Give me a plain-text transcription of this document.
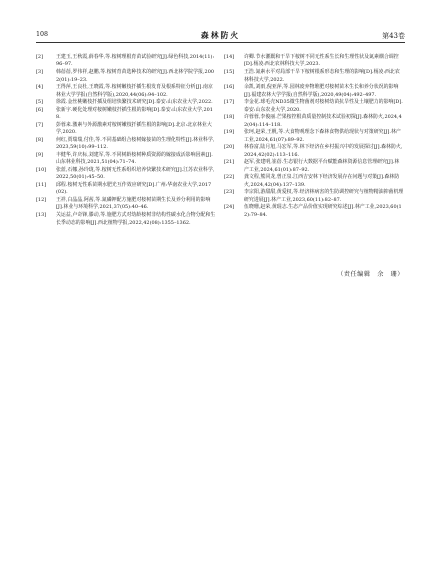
108	森林防火	第43卷
[2]	王建玉,王秋霞,薛春华,等.桉树理根育苗试验研究[J].绿色科技,2014(11):96–97.
[3]	韩蓓蓓,罗伟祥,赵鹏,等.桉树育苗选种技术的研究[J].西北林学院学报,2002(01):19–23.
[4]	王得萍,王良杜,王晓霞,等.桉树嫩枝扦插生根发育及根系特征分析[J].南京林业大学学报(自然科学版),2020,44(06):94–102.
[5]	徐霞.金丝桃嫩枝扦插及组培快繁技术研究[D].泰安:山东农业大学,2022.
[6]	张新宇.硬化处理对桉树嫩枝扦插生根的影响[D].泰安:山东农业大学,2018.
[7]	彭蓉来.激素与外源激素对桉树嫩枝扦插生根的影响[D].北京:北京林业大学,2020.
[8]	何红,贾瑞瑞,付佳,等.不同基础组合桉树嫁接苗的生理化特性[J].林业科学,2023,59(10):99–112.
[9]	丰健华,许庆标,刘建军,等.不同树龄桉树种质资源的嫁接成活影响因素[J].山东林业科技,2021,51(04):71–74.
[10]	张蓝,石娜,孙玲珑,等.桉树无性系组织培养快繁技术研究[J].江苏农业科学,2022,50(01):45–50.
[11]	邱程.桉树无性系苗期水肥光互作效应研究[D].广州:华南农业大学,2017(02).
[12]	王祥,白晶晶,阿茜,等.氮磷钾配方施肥对桉树苗期生长及养分利用的影响[J].林业与环境科学,2021,37(05):40–46.
[13]	关运益,卢奇锋,滕动,等.施肥方式对幼龄桉树非结构性碳水化合物分配和生长季动态的影响[J].西北植物学报,2022,42(08):1355–1362.
[14]	许卿.节水灌溉和干旱下桉树不同无性系生长和生理性状及氮素耦合调控[D].杨凌:西北农林科技大学,2023.
[15]	王浩.氮素水平对局部干旱下桉树根系形态和生理的影响[D].杨凌:西北农林科技大学,2022.
[16]	余凯,刘雨,倪亚萍,等.园林废弃物堆肥对桉树苗木生长和养分状况的影响[J].福建农林大学学报(自然科学版),2020,49(04):492–497.
[17]	李金花.球毛壳ND35微生物菌剂对桉树幼苗抗旱性及土壤肥力的影响[D].泰安:山东农业大学,2020.
[18]	许蓉蓉,李俊丽.芒果桉控根苗质量控制技术试验初探[J].森林防火,2024,42(04):114–118.
[19]	张珂,赵荣,王帆,等.大食物观理念下森林食物供给现状与对策研究[J].林产工业,2024,61(07):89–92.
[20]	林春富,陆月旭,马宏军,等.林下经济在乡村振兴中的发展探讨[J].森林防火,2024,42(02):113–116.
[21]	赵军,张建明,崔蓓.生态银行大数据平台赋能森林资源信息管理研究[J].林产工业,2024,61(01):87–92.
[22]	龚文程,熊同龙,曾正泉.江西吉安林下经济发展存在问题与对策[J].森林防火,2024,42(04):137–139.
[23]	李宗阳,游甜甜,黄爱权,等.经济林病害的生防调控研究与植物精油抑菌机理研究进展[J].林产工业,2023,60(11):82–87.
[24]	伍晓珊,赵荣,黄琨志.生态产品价值实现研究综述[J].林产工业,2023,60(12):79–84.
（责任编辑　余　珊）
